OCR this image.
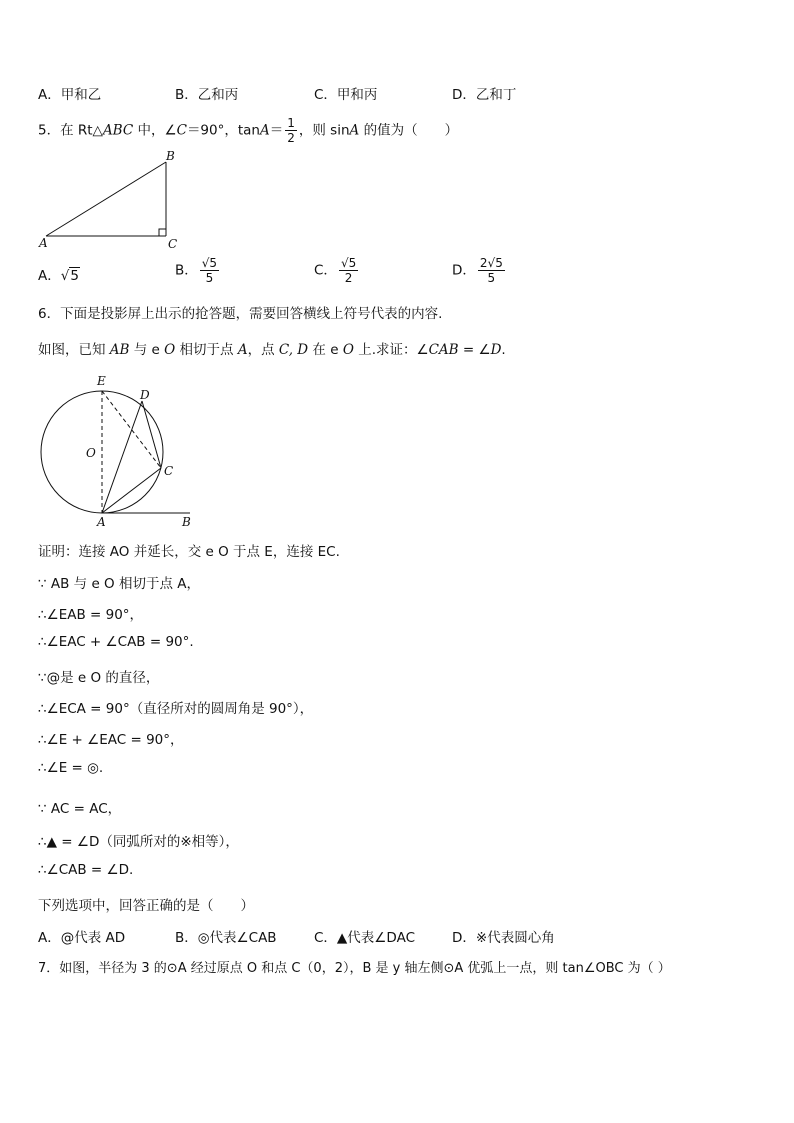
A．甲和乙	B．乙和丙	C．甲和丙	D．乙和丁
5．在 Rt△ABC 中，∠C＝90°，$\tan A= \frac{1}{2}$ ，则 sinA 的值为（　　）
A
B
C
A．√5	B． $\frac{√5}{5}$	C． $\frac{√5}{2}$	D． $\frac{2√5}{5}$
6．下面是投影屏上出示的抢答题，需要回答横线上符号代表的内容.
如图，已知 AB 与 e O 相切于点 A，点 C, D 在 e O 上.求证：∠CAB = ∠D.
E
D
O
C
A	B
证明：连接 AO 并延长，交 e O 于点 E，连接 EC.
∵ AB 与 e O 相切于点 A，
∴∠EAB = 90°，
∴∠EAC + ∠CAB = 90°.
∵@是 e O 的直径，
∴∠ECA = 90°（直径所对的圆周角是 90°），
∴∠E + ∠EAC = 90°，
∴∠E = ◎.
∵ AC = AC，
∴▲ = ∠D（同弧所对的※相等），
∴∠CAB = ∠D.
下列选项中，回答正确的是（　　）
A．@代表 AD	B．◎代表∠CAB	C．▲代表∠DAC	D．※代表圆心角
7．如图，半径为 3 的⊙A 经过原点 O 和点 C（0，2），B 是 y 轴左侧⊙A 优弧上一点，则 tan∠OBC 为（ ）
